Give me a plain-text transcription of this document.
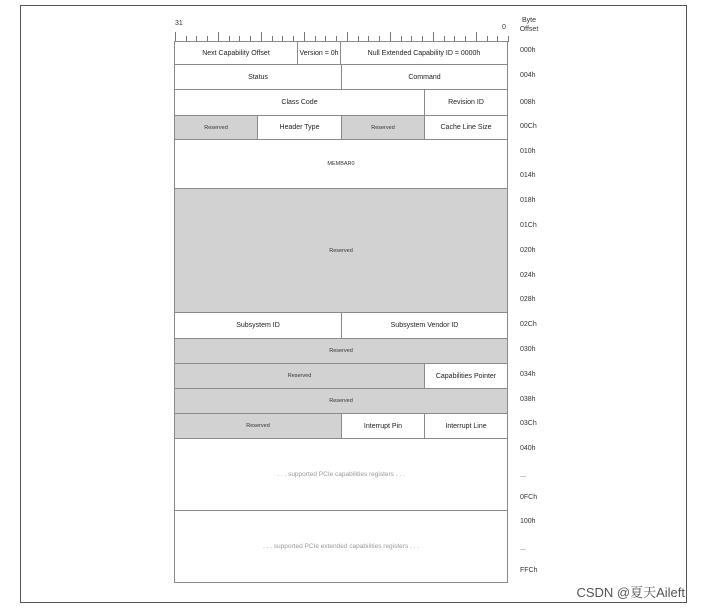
31
0
Byte
Offset
Next Capability Offset	Version = 0h	Null Extended Capability ID = 0000h
Status	Command
Class Code	Revision ID
Reserved	Header Type	Reserved	Cache Line Size
MEMBAR0
Reserved
Subsystem ID	Subsystem Vendor ID
Reserved
Reserved	Capabilities Pointer
Reserved
Reserved	Interrupt Pin	Interrupt Line
. . . supported PCIe capabilities registers . . .
. . . supported PCIe extended capabilities registers . . .
000h
004h
008h
00Ch
010h
014h
018h
01Ch
020h
024h
028h
02Ch
030h
034h
038h
03Ch
040h
...
0FCh
100h
...
FFCh
CSDN @夏天Aileft
